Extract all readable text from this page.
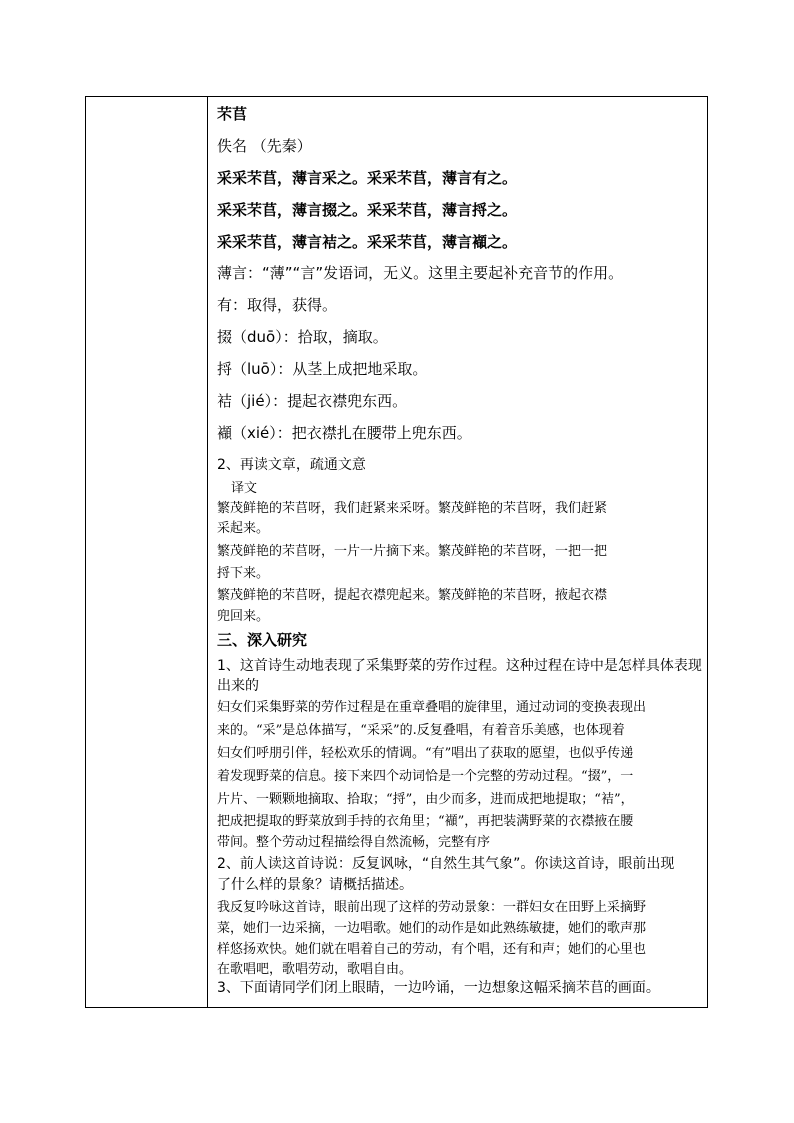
芣苢
佚名 （先秦）
采采芣苢，薄言采之。采采芣苢，薄言有之。
采采芣苢，薄言掇之。采采芣苢，薄言捋之。
采采芣苢，薄言袺之。采采芣苢，薄言襭之。
薄言：“薄”“言”发语词，无义。这里主要起补充音节的作用。
有：取得，获得。
掇（duō）：拾取，摘取。
捋（luō）：从茎上成把地采取。
袺（jié）：提起衣襟兜东西。
襭（xié）：把衣襟扎在腰带上兜东西。
2、再读文章，疏通文意
译文
繁茂鲜艳的芣苢呀，我们赶紧来采呀。繁茂鲜艳的芣苢呀，我们赶紧
采起来。
繁茂鲜艳的芣苢呀，一片一片摘下来。繁茂鲜艳的芣苢呀，一把一把
捋下来。
繁茂鲜艳的芣苢呀，提起衣襟兜起来。繁茂鲜艳的芣苢呀，掖起衣襟
兜回来。
三、深入研究
1、这首诗生动地表现了采集野菜的劳作过程。这种过程在诗中是怎样具体表现
出来的
妇女们采集野菜的劳作过程是在重章叠唱的旋律里，通过动词的变换表现出
来的。“采”是总体描写，“采采”的.反复叠唱，有着音乐美感，也体现着
妇女们呼朋引伴，轻松欢乐的情调。“有”唱出了获取的愿望，也似乎传递
着发现野菜的信息。接下来四个动词恰是一个完整的劳动过程。“掇”，一
片片、一颗颗地摘取、拾取；“捋”，由少而多，进而成把地提取；“袺”，
把成把提取的野菜放到手持的衣角里；“襭”，再把装满野菜的衣襟掖在腰
带间。整个劳动过程描绘得自然流畅，完整有序
2、前人读这首诗说：反复讽咏，“自然生其气象”。你读这首诗，眼前出现
了什么样的景象？请概括描述。
我反复吟咏这首诗，眼前出现了这样的劳动景象：一群妇女在田野上采摘野
菜，她们一边采摘，一边唱歌。她们的动作是如此熟练敏捷，她们的歌声那
样悠扬欢快。她们就在唱着自己的劳动，有个唱，还有和声；她们的心里也
在歌唱吧，歌唱劳动，歌唱自由。
3、下面请同学们闭上眼睛，一边吟诵，一边想象这幅采摘芣苢的画面。
